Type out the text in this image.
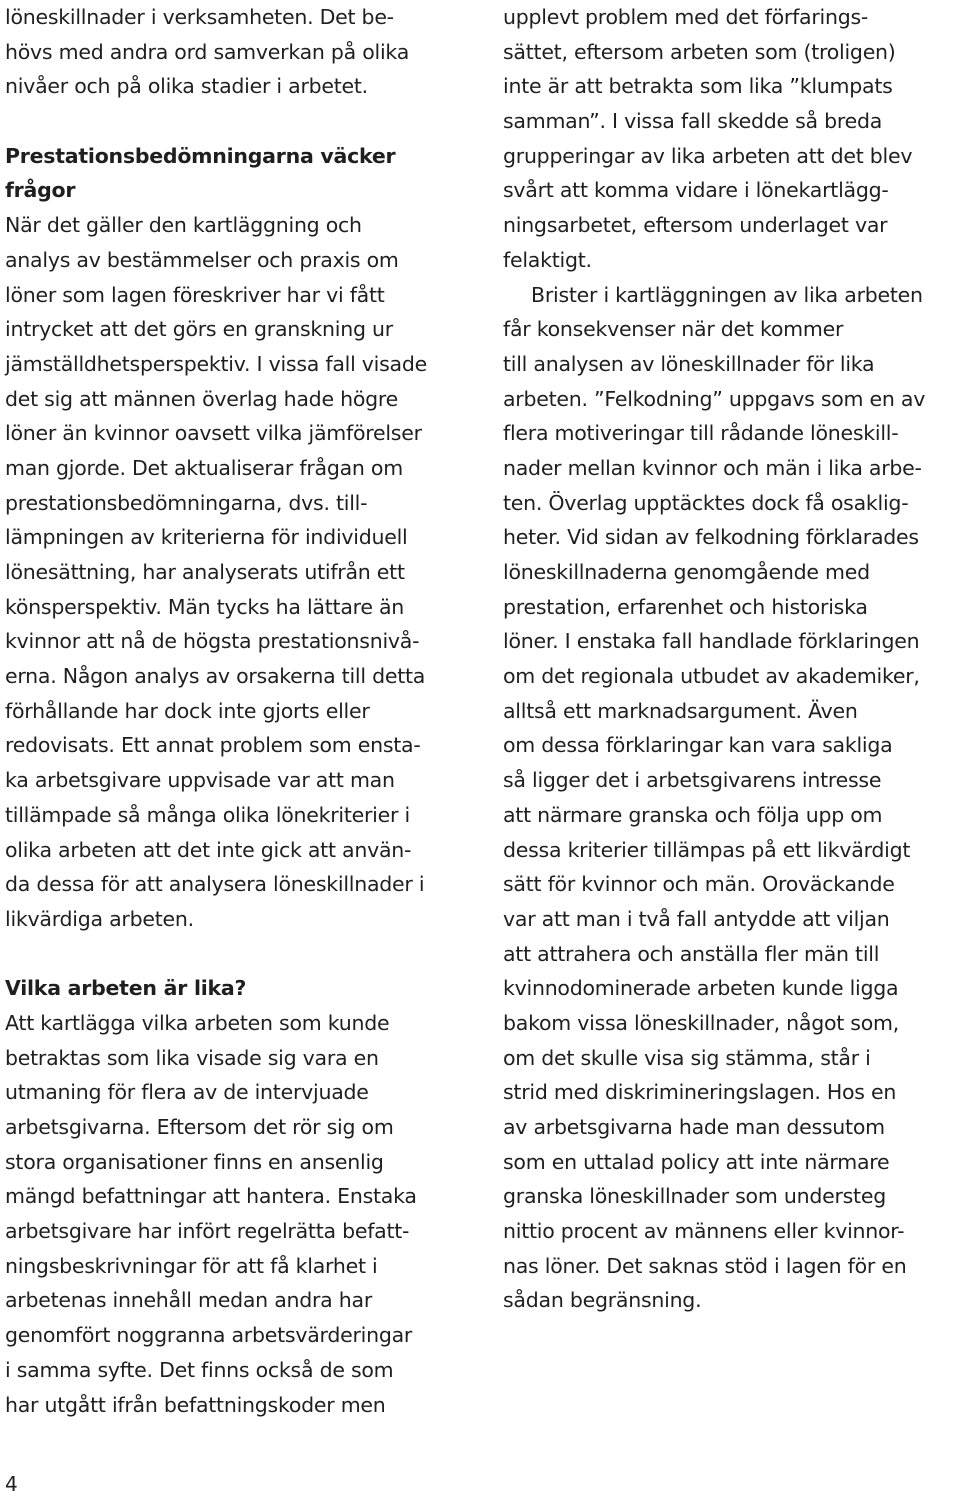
löneskillnader i verksamheten. Det be-
hövs med andra ord samverkan på olika
nivåer och på olika stadier i arbetet.
Prestationsbedömningarna väcker
frågor
När det gäller den kartläggning och
analys av bestämmelser och praxis om
löner som lagen föreskriver har vi fått
intrycket att det görs en granskning ur
jämställdhetsperspektiv. I vissa fall visade
det sig att männen överlag hade högre
löner än kvinnor oavsett vilka jämförelser
man gjorde. Det aktualiserar frågan om
prestationsbedömningarna, dvs. till-
lämpningen av kriterierna för individuell
lönesättning, har analyserats utifrån ett
könsperspektiv. Män tycks ha lättare än
kvinnor att nå de högsta prestationsnivå-
erna. Någon analys av orsakerna till detta
förhållande har dock inte gjorts eller
redovisats. Ett annat problem som ensta-
ka arbetsgivare uppvisade var att man
tillämpade så många olika lönekriterier i
olika arbeten att det inte gick att använ-
da dessa för att analysera löneskillnader i
likvärdiga arbeten.
Vilka arbeten är lika?
Att kartlägga vilka arbeten som kunde
betraktas som lika visade sig vara en
utmaning för flera av de intervjuade
arbetsgivarna. Eftersom det rör sig om
stora organisationer finns en ansenlig
mängd befattningar att hantera. Enstaka
arbetsgivare har infört regelrätta befatt-
ningsbeskrivningar för att få klarhet i
arbetenas innehåll medan andra har
genomfört noggranna arbetsvärderingar
i samma syfte. Det finns också de som
har utgått ifrån befattningskoder men
upplevt problem med det förfarings-
sättet, eftersom arbeten som (troligen)
inte är att betrakta som lika ”klumpats
samman”. I vissa fall skedde så breda
grupperingar av lika arbeten att det blev
svårt att komma vidare i lönekartlägg-
ningsarbetet, eftersom underlaget var
felaktigt.
Brister i kartläggningen av lika arbeten
får konsekvenser när det kommer
till analysen av löneskillnader för lika
arbeten. ”Felkodning” uppgavs som en av
flera motiveringar till rådande löneskill-
nader mellan kvinnor och män i lika arbe-
ten. Överlag upptäcktes dock få osaklig-
heter. Vid sidan av felkodning förklarades
löneskillnaderna genomgående med
prestation, erfarenhet och historiska
löner. I enstaka fall handlade förklaringen
om det regionala utbudet av akademiker,
alltså ett marknadsargument. Även
om dessa förklaringar kan vara sakliga
så ligger det i arbetsgivarens intresse
att närmare granska och följa upp om
dessa kriterier tillämpas på ett likvärdigt
sätt för kvinnor och män. Oroväckande
var att man i två fall antydde att viljan
att attrahera och anställa fler män till
kvinnodominerade arbeten kunde ligga
bakom vissa löneskillnader, något som,
om det skulle visa sig stämma, står i
strid med diskrimineringslagen. Hos en
av arbetsgivarna hade man dessutom
som en uttalad policy att inte närmare
granska löneskillnader som understeg
nittio procent av männens eller kvinnor-
nas löner. Det saknas stöd i lagen för en
sådan begränsning.
4
